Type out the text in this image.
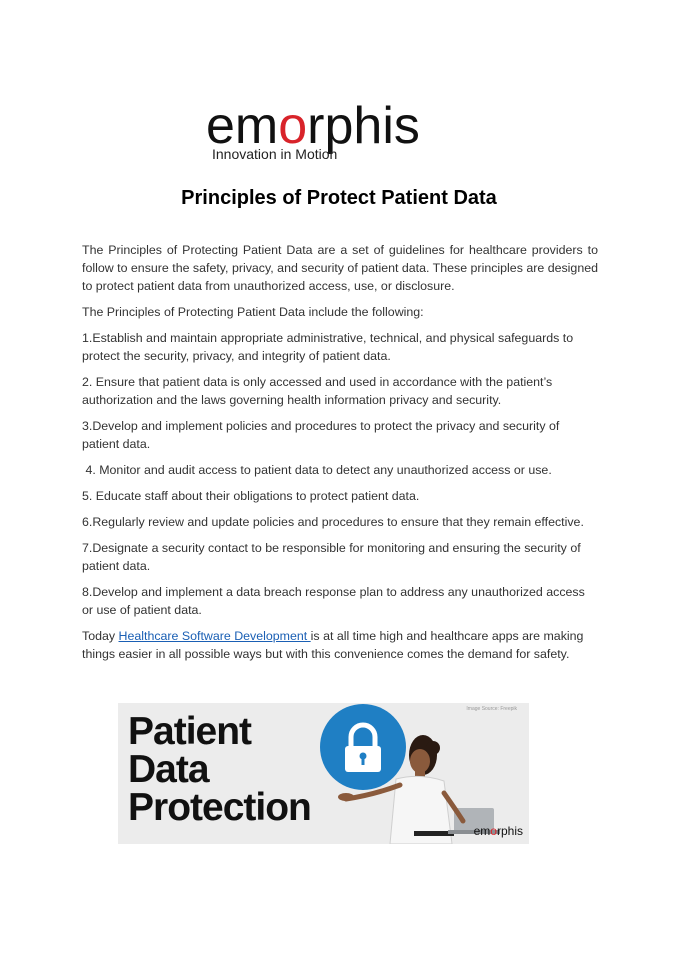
emorphis
Innovation in Motion
Principles of Protect Patient Data

The Principles of Protecting Patient Data are a set of guidelines for healthcare providers to follow to ensure the safety, privacy, and security of patient data. These principles are designed to protect patient data from unauthorized access, use, or disclosure.

The Principles of Protecting Patient Data include the following:

1.Establish and maintain appropriate administrative, technical, and physical safeguards to protect the security, privacy, and integrity of patient data.

2. Ensure that patient data is only accessed and used in accordance with the patient’s authorization and the laws governing health information privacy and security.

3.Develop and implement policies and procedures to protect the privacy and security of patient data.

4. Monitor and audit access to patient data to detect any unauthorized access or use.

5. Educate staff about their obligations to protect patient data.

6.Regularly review and update policies and procedures to ensure that they remain effective.

7.Designate a security contact to be responsible for monitoring and ensuring the security of patient data.

8.Develop and implement a data breach response plan to address any unauthorized access or use of patient data.

Today Healthcare Software Development is at all time high and healthcare apps are making things easier in all possible ways but with this convenience comes the demand for safety.

Patient
Data
Protection
Image Source: Freepik
emorphis
